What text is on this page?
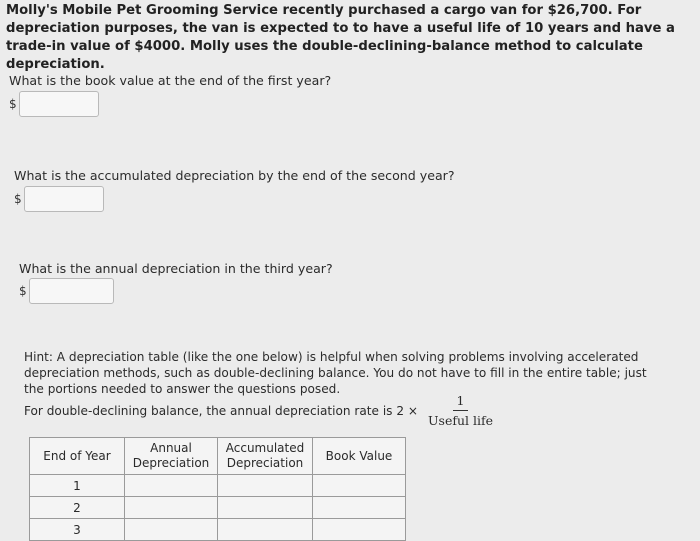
Molly's Mobile Pet Grooming Service recently purchased a cargo van for $26,700. For depreciation purposes, the van is expected to to have a useful life of 10 years and have a trade-in value of $4000. Molly uses the double-declining-balance method to calculate depreciation.
What is the book value at the end of the first year?
$
What is the accumulated depreciation by the end of the second year?
$
What is the annual depreciation in the third year?
$
Hint: A depreciation table (like the one below) is helpful when solving problems involving accelerated depreciation methods, such as double-declining balance. You do not have to fill in the entire table; just the portions needed to answer the questions posed.
For double-declining balance, the annual depreciation rate is $2 \times \frac{1}{\text{Useful life}}$
End of Year	Annual Depreciation	Accumulated Depreciation	Book Value
1			
2			
3			
